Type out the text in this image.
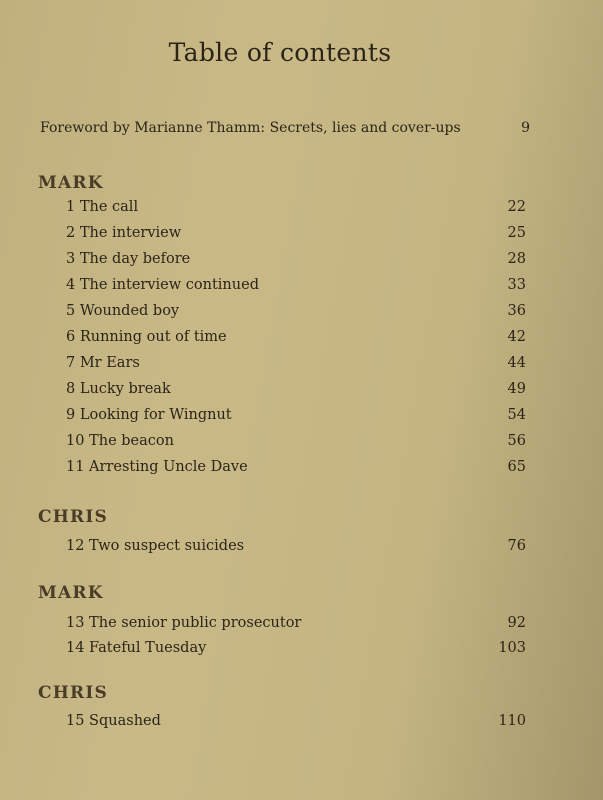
Table of contents
Foreword by Marianne Thamm: Secrets, lies and cover-ups	9
MARK
1 The call	22
2 The interview	25
3 The day before	28
4 The interview continued	33
5 Wounded boy	36
6 Running out of time	42
7 Mr Ears	44
8 Lucky break	49
9 Looking for Wingnut	54
10 The beacon	56
11 Arresting Uncle Dave	65
CHRIS
12 Two suspect suicides	76
MARK
13 The senior public prosecutor	92
14 Fateful Tuesday	103
CHRIS
15 Squashed	110
